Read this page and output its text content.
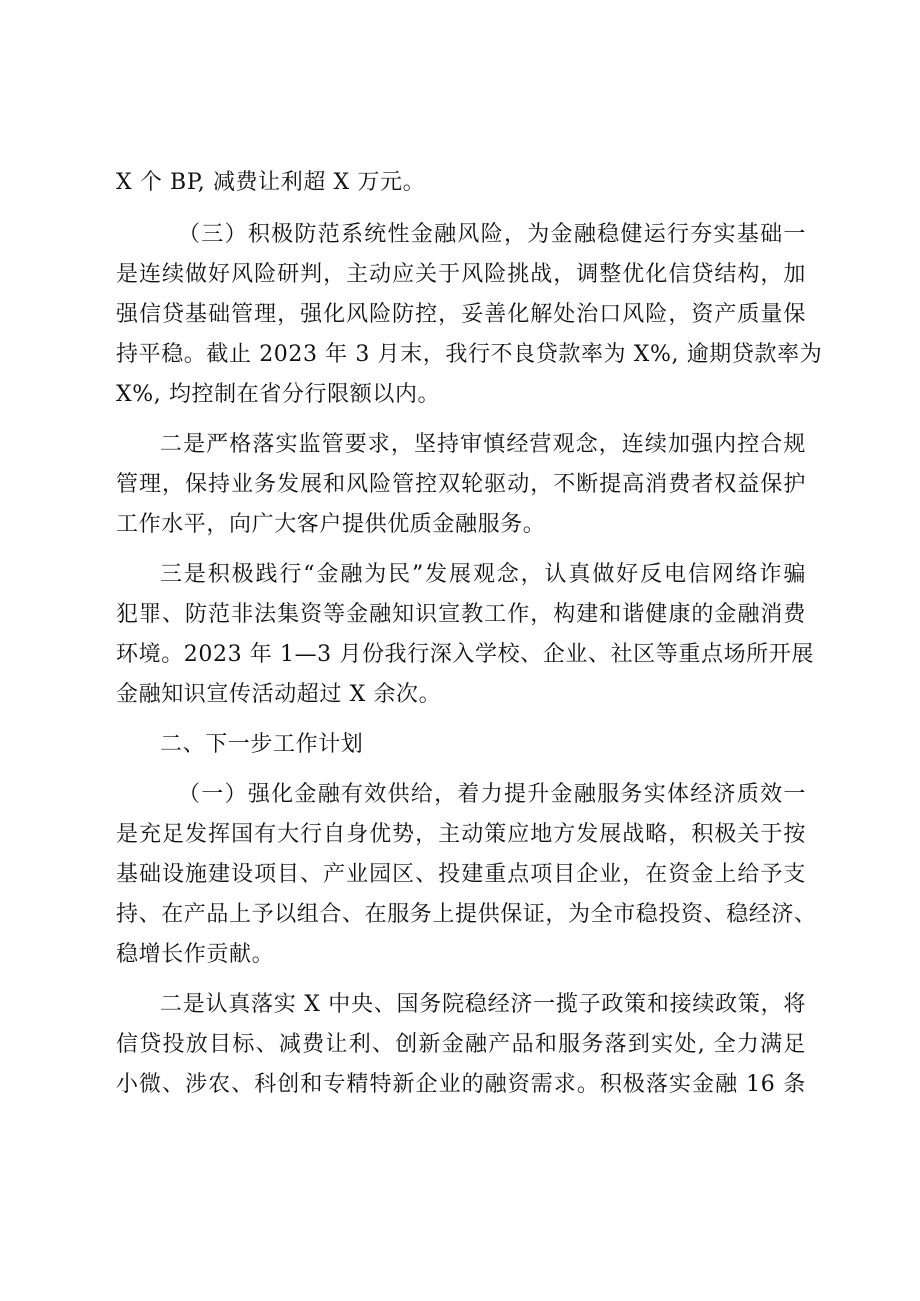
X 个 BP, 减费让利超 X 万元。
（三）积极防范系统性金融风险，为金融稳健运行夯实基础一
是连续做好风险研判，主动应关于风险挑战，调整优化信贷结构，加
强信贷基础管理，强化风险防控，妥善化解处治口风险，资产质量保
持平稳。截止 2023 年 3 月末，我行不良贷款率为 X%, 逾期贷款率为
X%, 均控制在省分行限额以内。
二是严格落实监管要求，坚持审慎经营观念，连续加强内控合规
管理，保持业务发展和风险管控双轮驱动，不断提高消费者权益保护
工作水平，向广大客户提供优质金融服务。
三是积极践行“金融为民”发展观念，认真做好反电信网络诈骗
犯罪、防范非法集资等金融知识宣教工作，构建和谐健康的金融消费
环境。2023 年 1—3 月份我行深入学校、企业、社区等重点场所开展
金融知识宣传活动超过 X 余次。
二、下一步工作计划
（一）强化金融有效供给，着力提升金融服务实体经济质效一
是充足发挥国有大行自身优势，主动策应地方发展战略，积极关于按
基础设施建设项目、产业园区、投建重点项目企业，在资金上给予支
持、在产品上予以组合、在服务上提供保证，为全市稳投资、稳经济、
稳增长作贡献。
二是认真落实 X 中央、国务院稳经济一揽子政策和接续政策，将
信贷投放目标、减费让利、创新金融产品和服务落到实处, 全力满足
小微、涉农、科创和专精特新企业的融资需求。积极落实金融 16 条
